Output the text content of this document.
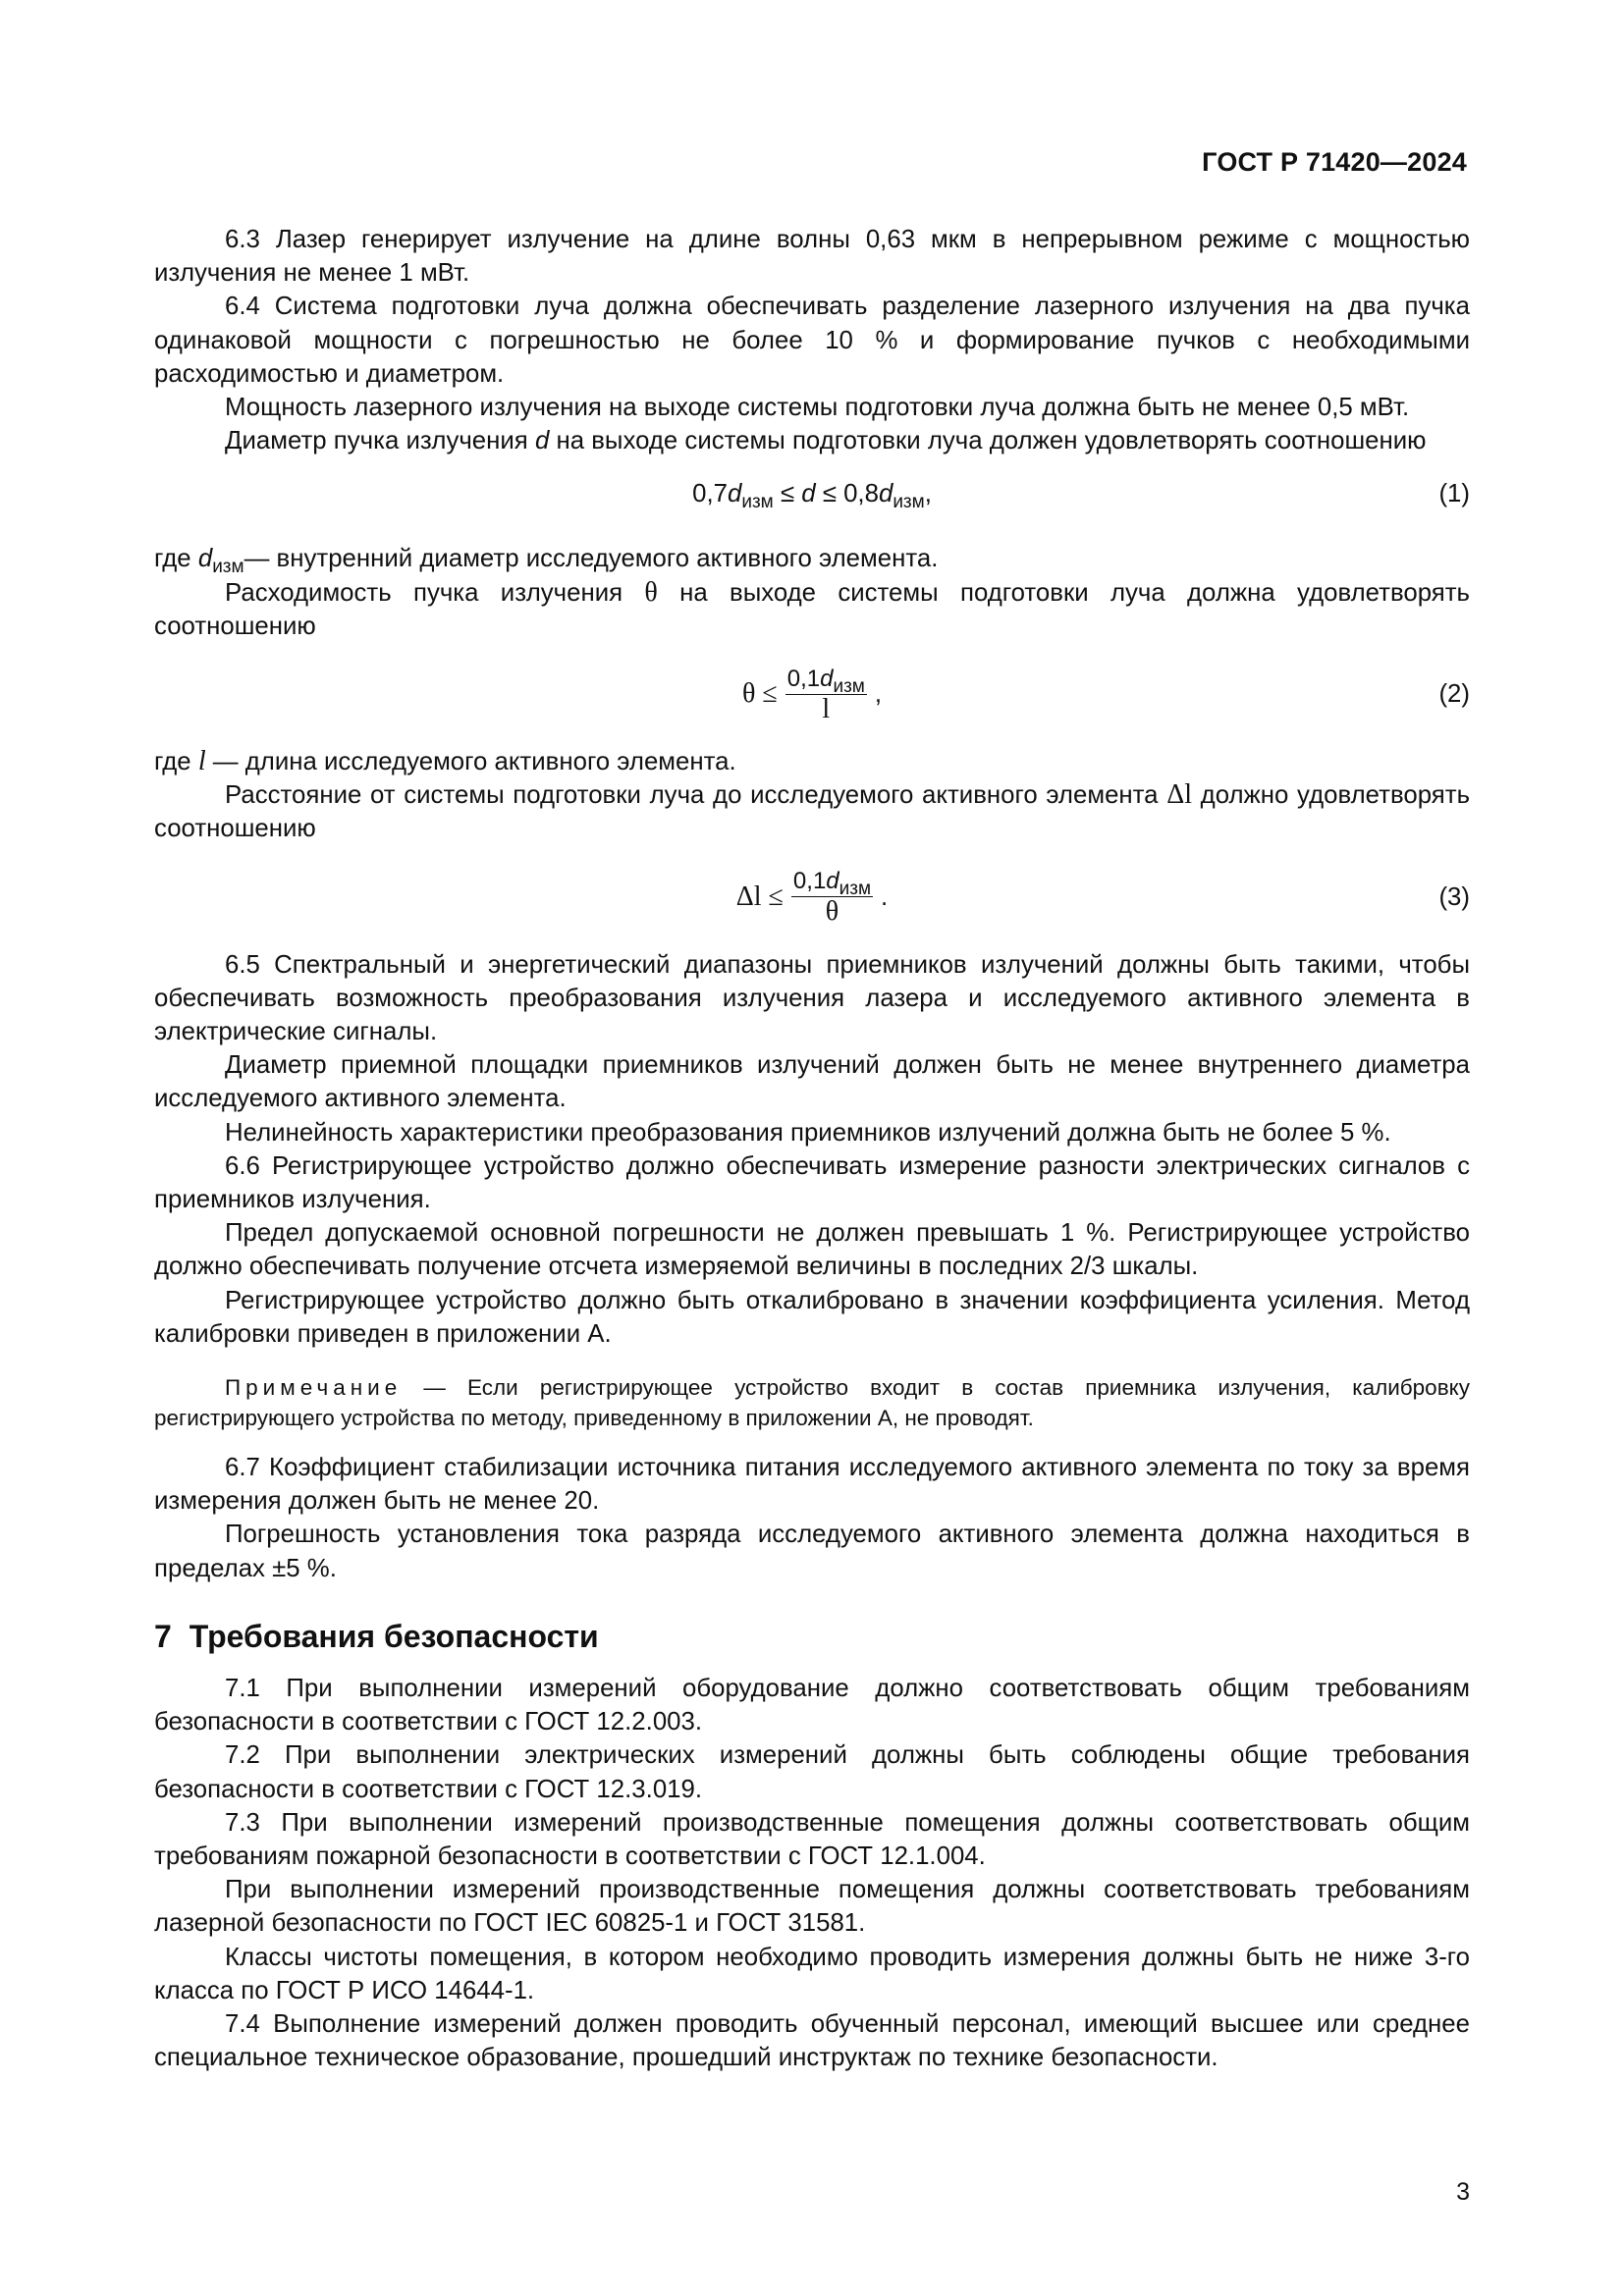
ГОСТ Р 71420—2024

6.3 Лазер генерирует излучение на длине волны 0,63 мкм в непрерывном режиме с мощностью излучения не менее 1 мВт.

6.4 Система подготовки луча должна обеспечивать разделение лазерного излучения на два пучка одинаковой мощности с погрешностью не более 10 % и формирование пучков с необходимыми расходимостью и диаметром.

Мощность лазерного излучения на выходе системы подготовки луча должна быть не менее 0,5 мВт.

Диаметр пучка излучения d на выходе системы подготовки луча должен удовлетворять соотношению

$0,7d_{изм} \le d \le 0,8d_{изм}$,	(1)

где $d_{изм}—$ внутренний диаметр исследуемого активного элемента.

Расходимость пучка излучения θ на выходе системы подготовки луча должна удовлетворять соотношению

$\theta \le \frac{0,1d_{изм}}{l}$ ,	(2)

где l — длина исследуемого активного элемента.

Расстояние от системы подготовки луча до исследуемого активного элемента Δl должно удовлетворять соотношению

$\Delta l \le \frac{0,1d_{изм}}{\theta}$ .	(3)

6.5 Спектральный и энергетический диапазоны приемников излучений должны быть такими, чтобы обеспечивать возможность преобразования излучения лазера и исследуемого активного элемента в электрические сигналы.

Диаметр приемной площадки приемников излучений должен быть не менее внутреннего диаметра исследуемого активного элемента.

Нелинейность характеристики преобразования приемников излучений должна быть не более 5 %.

6.6 Регистрирующее устройство должно обеспечивать измерение разности электрических сигналов с приемников излучения.

Предел допускаемой основной погрешности не должен превышать 1 %. Регистрирующее устройство должно обеспечивать получение отсчета измеряемой величины в последних 2/3 шкалы.

Регистрирующее устройство должно быть откалибровано в значении коэффициента усиления. Метод калибровки приведен в приложении А.

Примечание — Если регистрирующее устройство входит в состав приемника излучения, калибровку регистрирующего устройства по методу, приведенному в приложении А, не проводят.

6.7 Коэффициент стабилизации источника питания исследуемого активного элемента по току за время измерения должен быть не менее 20.

Погрешность установления тока разряда исследуемого активного элемента должна находиться в пределах ±5 %.

7 Требования безопасности

7.1 При выполнении измерений оборудование должно соответствовать общим требованиям безопасности в соответствии с ГОСТ 12.2.003.

7.2 При выполнении электрических измерений должны быть соблюдены общие требования безопасности в соответствии с ГОСТ 12.3.019.

7.3 При выполнении измерений производственные помещения должны соответствовать общим требованиям пожарной безопасности в соответствии с ГОСТ 12.1.004.

При выполнении измерений производственные помещения должны соответствовать требованиям лазерной безопасности по ГОСТ IEC 60825-1 и ГОСТ 31581.

Классы чистоты помещения, в котором необходимо проводить измерения должны быть не ниже 3-го класса по ГОСТ Р ИСО 14644-1.

7.4 Выполнение измерений должен проводить обученный персонал, имеющий высшее или среднее специальное техническое образование, прошедший инструктаж по технике безопасности.

3
